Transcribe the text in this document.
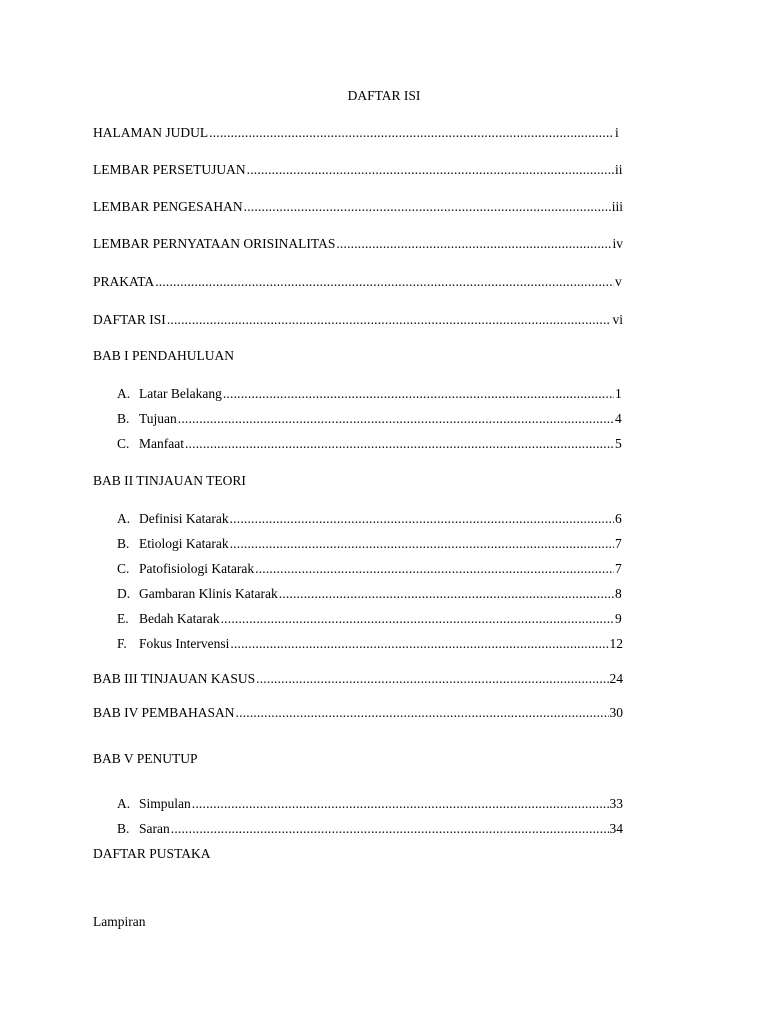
DAFTAR ISI
HALAMAN JUDUL .....	i
LEMBAR PERSETUJUAN .....	ii
LEMBAR PENGESAHAN .....	iii
LEMBAR PERNYATAAN ORISINALITAS .....	iv
PRAKATA .....	v
DAFTAR ISI .....	vi
BAB I PENDAHULUAN
A. Latar Belakang .....	1
B. Tujuan .....	4
C. Manfaat .....	5
BAB II TINJAUAN TEORI
A. Definisi Katarak .....	6
B. Etiologi Katarak .....	7
C. Patofisiologi Katarak .....	7
D. Gambaran Klinis Katarak .....	8
E. Bedah Katarak .....	9
F. Fokus Intervensi .....	12
BAB III TINJAUAN KASUS .....	24
BAB IV PEMBAHASAN .....	30
BAB V PENUTUP
A. Simpulan .....	33
B. Saran .....	34
DAFTAR PUSTAKA
Lampiran
